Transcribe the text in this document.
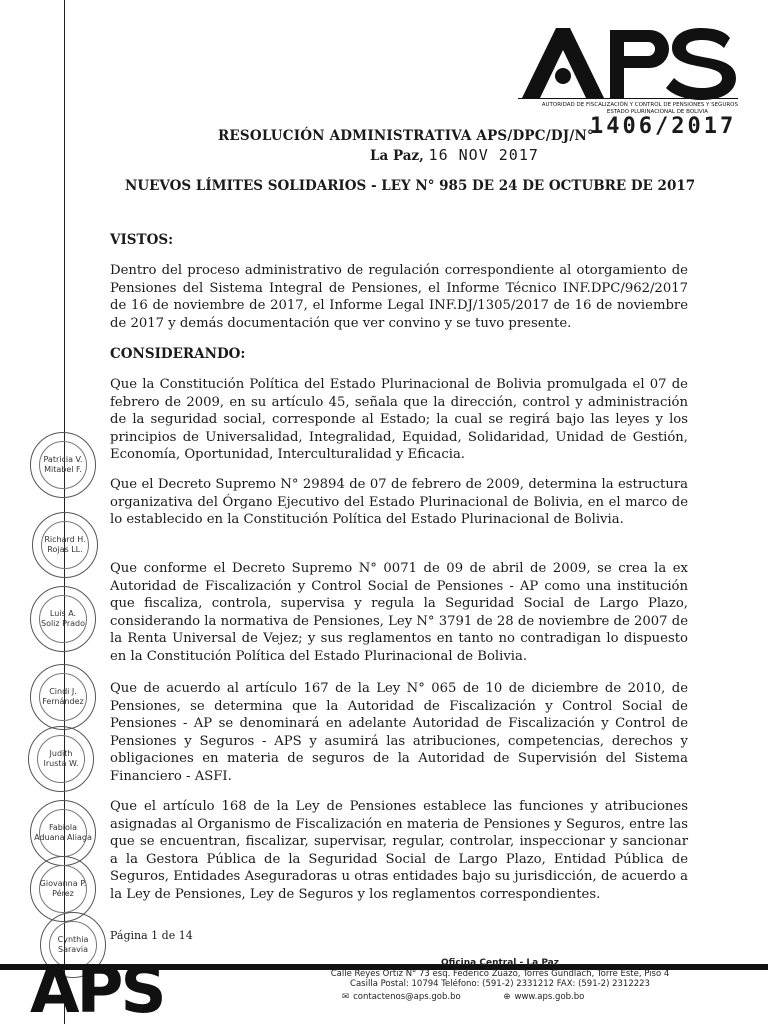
AUTORIDAD DE FISCALIZACIÓN Y CONTROL DE PENSIONES Y SEGUROS
ESTADO PLURINACIONAL DE BOLIVIA
RESOLUCIÓN ADMINISTRATIVA APS/DPC/DJ/N°
1406/2017
La Paz, 16 NOV 2017
NUEVOS LÍMITES SOLIDARIOS - LEY N° 985 DE 24 DE OCTUBRE DE 2017
VISTOS:

Dentro del proceso administrativo de regulación correspondiente al otorgamiento de Pensiones del Sistema Integral de Pensiones, el Informe Técnico INF.DPC/962/2017 de 16 de noviembre de 2017, el Informe Legal INF.DJ/1305/2017 de 16 de noviembre de 2017 y demás documentación que ver convino y se tuvo presente.

CONSIDERANDO:

Que la Constitución Política del Estado Plurinacional de Bolivia promulgada el 07 de febrero de 2009, en su artículo 45, señala que la dirección, control y administración de la seguridad social, corresponde al Estado; la cual se regirá bajo las leyes y los principios de Universalidad, Integralidad, Equidad, Solidaridad, Unidad de Gestión, Economía, Oportunidad, Interculturalidad y Eficacia.

Que el Decreto Supremo N° 29894 de 07 de febrero de 2009, determina la estructura organizativa del Órgano Ejecutivo del Estado Plurinacional de Bolivia, en el marco de lo establecido en la Constitución Política del Estado Plurinacional de Bolivia.

Que conforme el Decreto Supremo N° 0071 de 09 de abril de 2009, se crea la ex Autoridad de Fiscalización y Control Social de Pensiones - AP como una institución que fiscaliza, controla, supervisa y regula la Seguridad Social de Largo Plazo, considerando la normativa de Pensiones, Ley N° 3791 de 28 de noviembre de 2007 de la Renta Universal de Vejez; y sus reglamentos en tanto no contradigan lo dispuesto en la Constitución Política del Estado Plurinacional de Bolivia.

Que de acuerdo al artículo 167 de la Ley N° 065 de 10 de diciembre de 2010, de Pensiones, se determina que la Autoridad de Fiscalización y Control Social de Pensiones - AP se denominará en adelante Autoridad de Fiscalización y Control de Pensiones y Seguros - APS y asumirá las atribuciones, competencias, derechos y obligaciones en materia de seguros de la Autoridad de Supervisión del Sistema Financiero - ASFI.

Que el artículo 168 de la Ley de Pensiones establece las funciones y atribuciones asignadas al Organismo de Fiscalización en materia de Pensiones y Seguros, entre las que se encuentran, fiscalizar, supervisar, regular, controlar, inspeccionar y sancionar a la Gestora Pública de la Seguridad Social de Largo Plazo, Entidad Pública de Seguros, Entidades Aseguradoras u otras entidades bajo su jurisdicción, de acuerdo a la Ley de Pensiones, Ley de Seguros y los reglamentos correspondientes.

Patricia V.
Mitabel F.
Richard H.
Rojas LL.
Luis A.
Soliz Prado
Cindi J.
Fernández
Judith
Irusta W.
Fabiola
Aduana Aliaga
Giovanna P.
Pérez
Cynthia
Saravia
Página 1 de 14
APS	Oficina Central - La Paz
Calle Reyes Ortiz N° 73 esq. Federico Zuazo, Torres Gundlach, Torre Este, Piso 4
Casilla Postal: 10794 Teléfono: (591-2) 2331212 FAX: (591-2) 2312223
✉ contactenos@aps.gob.bo	⊕ www.aps.gob.bo
